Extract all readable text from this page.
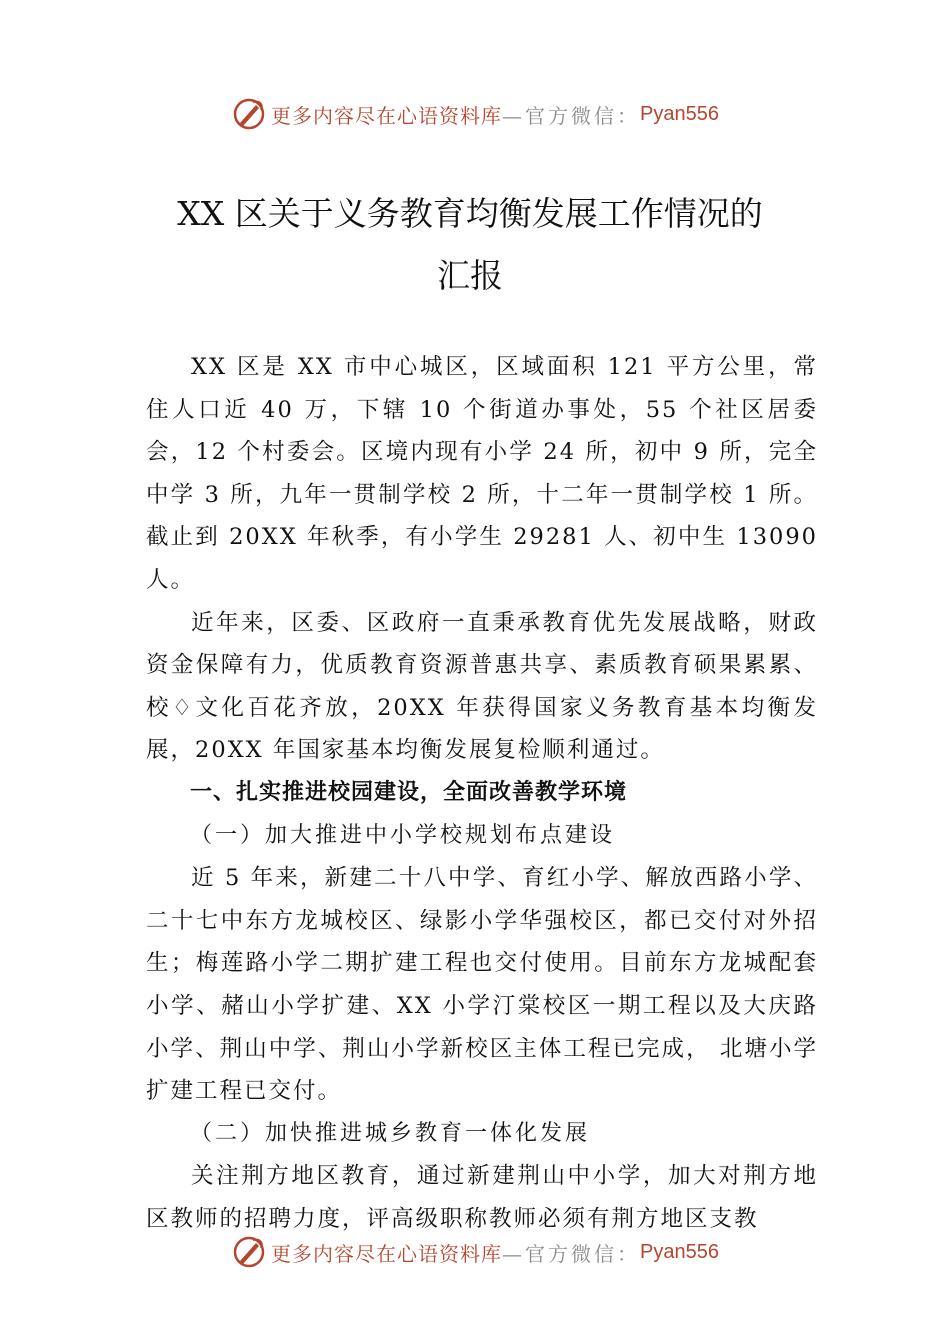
更多内容尽在心语资料库 —官方微信： Pyan556
XX 区关于义务教育均衡发展工作情况的
汇报

XX 区是 XX 市中心城区，区域面积 121 平方公里，常住人口近 40 万，下辖 10 个街道办事处，55 个社区居委会，12 个村委会。区境内现有小学 24 所，初中 9 所，完全中学 3 所，九年一贯制学校 2 所，十二年一贯制学校 1 所。截止到 20XX 年秋季，有小学生 29281 人、初中生 13090 人。

近年来，区委、区政府一直秉承教育优先发展战略，财政资金保障有力，优质教育资源普惠共享、素质教育硕果累累、校♢文化百花齐放，20XX 年获得国家义务教育基本均衡发展，20XX 年国家基本均衡发展复检顺利通过。

一、扎实推进校园建设，全面改善教学环境

（一）加大推进中小学校规划布点建设

近 5 年来，新建二十八中学、育红小学、解放西路小学、二十七中东方龙城校区、绿影小学华强校区，都已交付对外招生；梅莲路小学二期扩建工程也交付使用。目前东方龙城配套小学、赭山小学扩建、XX 小学汀棠校区一期工程以及大庆路小学、荆山中学、荆山小学新校区主体工程已完成， 北塘小学扩建工程已交付。

（二）加快推进城乡教育一体化发展

关注荆方地区教育，通过新建荆山中小学，加大对荆方地区教师的招聘力度，评高级职称教师必须有荆方地区支教

更多内容尽在心语资料库 —官方微信： Pyan556
